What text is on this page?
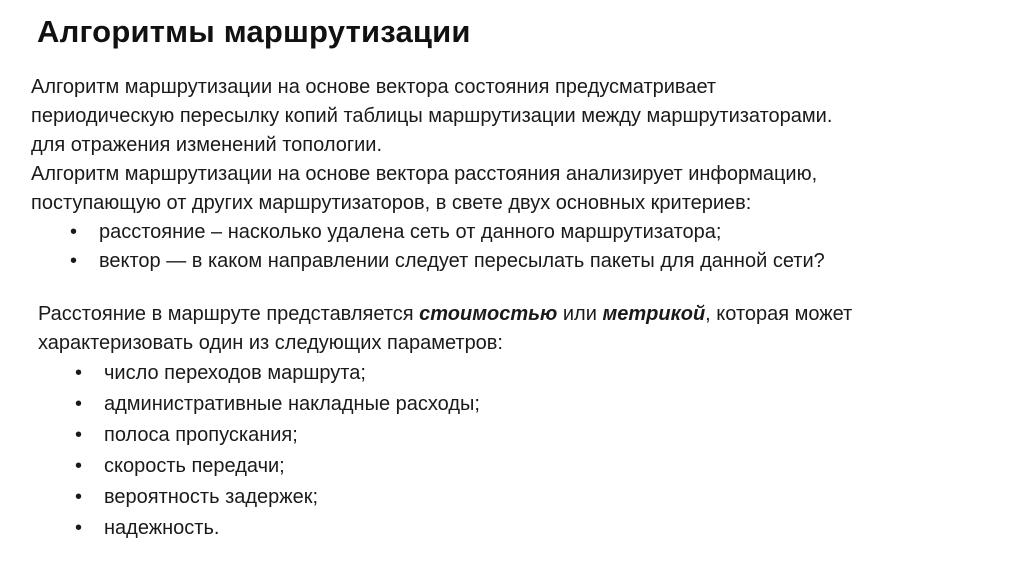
Алгоритмы маршрутизации
Алгоритм маршрутизации на основе вектора состояния предусматривает
периодическую пересылку копий таблицы маршрутизации между маршрутизаторами.
для отражения изменений топологии.
Алгоритм маршрутизации на основе вектора расстояния анализирует информацию,
поступающую от других маршрутизаторов, в свете двух основных критериев:
• расстояние – насколько удалена сеть от данного маршрутизатора;
• вектор — в каком направлении следует пересылать пакеты для данной сети?
Расстояние в маршруте представляется стоимостью или метрикой, которая может
характеризовать один из следующих параметров:
• число переходов маршрута;
• административные накладные расходы;
• полоса пропускания;
• скорость передачи;
• вероятность задержек;
• надежность.
